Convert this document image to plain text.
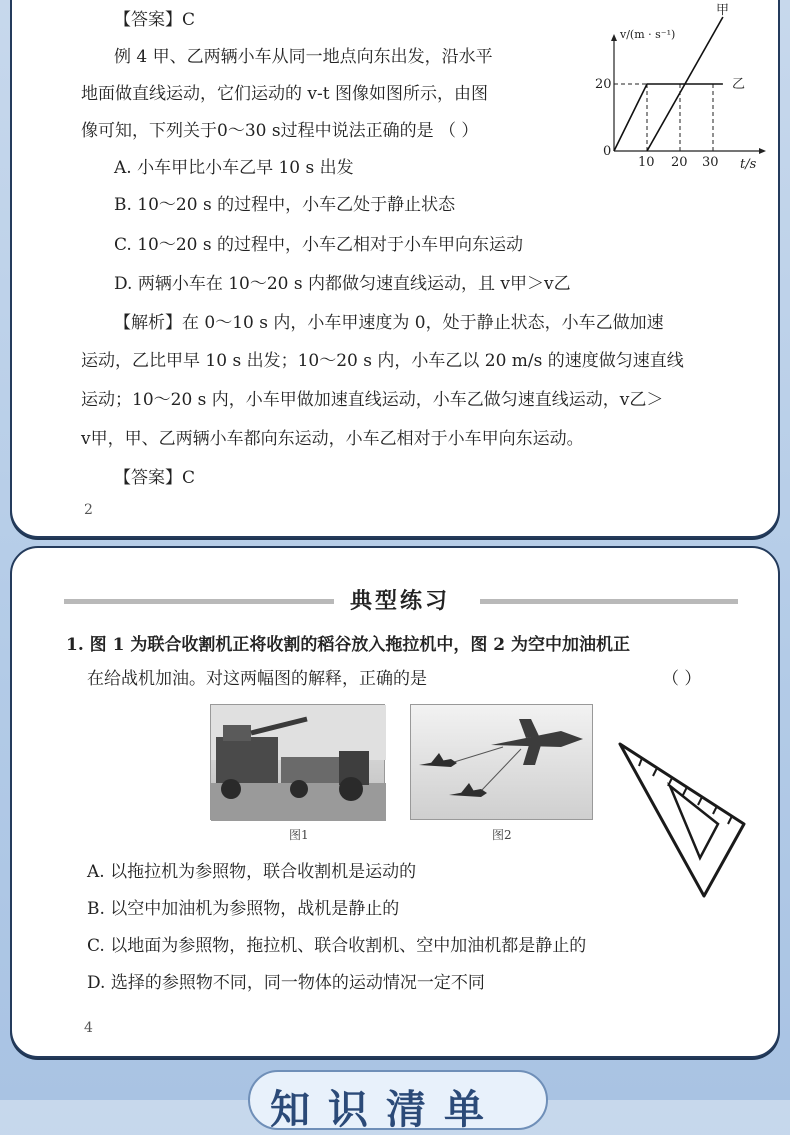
【答案】C
例 4 甲、乙两辆小车从同一地点向东出发，沿水平
地面做直线运动，它们运动的 v-t 图像如图所示，由图
像可知，下列关于0～30 s过程中说法正确的是 （ ）
A. 小车甲比小车乙早 10 s 出发
B. 10～20 s 的过程中，小车乙处于静止状态
C. 10～20 s 的过程中，小车乙相对于小车甲向东运动
D. 两辆小车在 10～20 s 内都做匀速直线运动，且 v甲＞v乙
【解析】在 0～10 s 内，小车甲速度为 0，处于静止状态，小车乙做加速
运动，乙比甲早 10 s 出发；10～20 s 内，小车乙以 20 m/s 的速度做匀速直线
运动；10～20 s 内，小车甲做加速直线运动，小车乙做匀速直线运动，v乙＞
v甲，甲、乙两辆小车都向东运动，小车乙相对于小车甲向东运动。
【答案】C
2
v/(m · s⁻¹)
t/s
0
20
10 20 30
甲
乙
典型练习
1. 图 1 为联合收割机正将收割的稻谷放入拖拉机中，图 2 为空中加油机正
在给战机加油。对这两幅图的解释，正确的是	（ ）
图1	图2
A. 以拖拉机为参照物，联合收割机是运动的
B. 以空中加油机为参照物，战机是静止的
C. 以地面为参照物，拖拉机、联合收割机、空中加油机都是静止的
D. 选择的参照物不同，同一物体的运动情况一定不同
4
知识清单
